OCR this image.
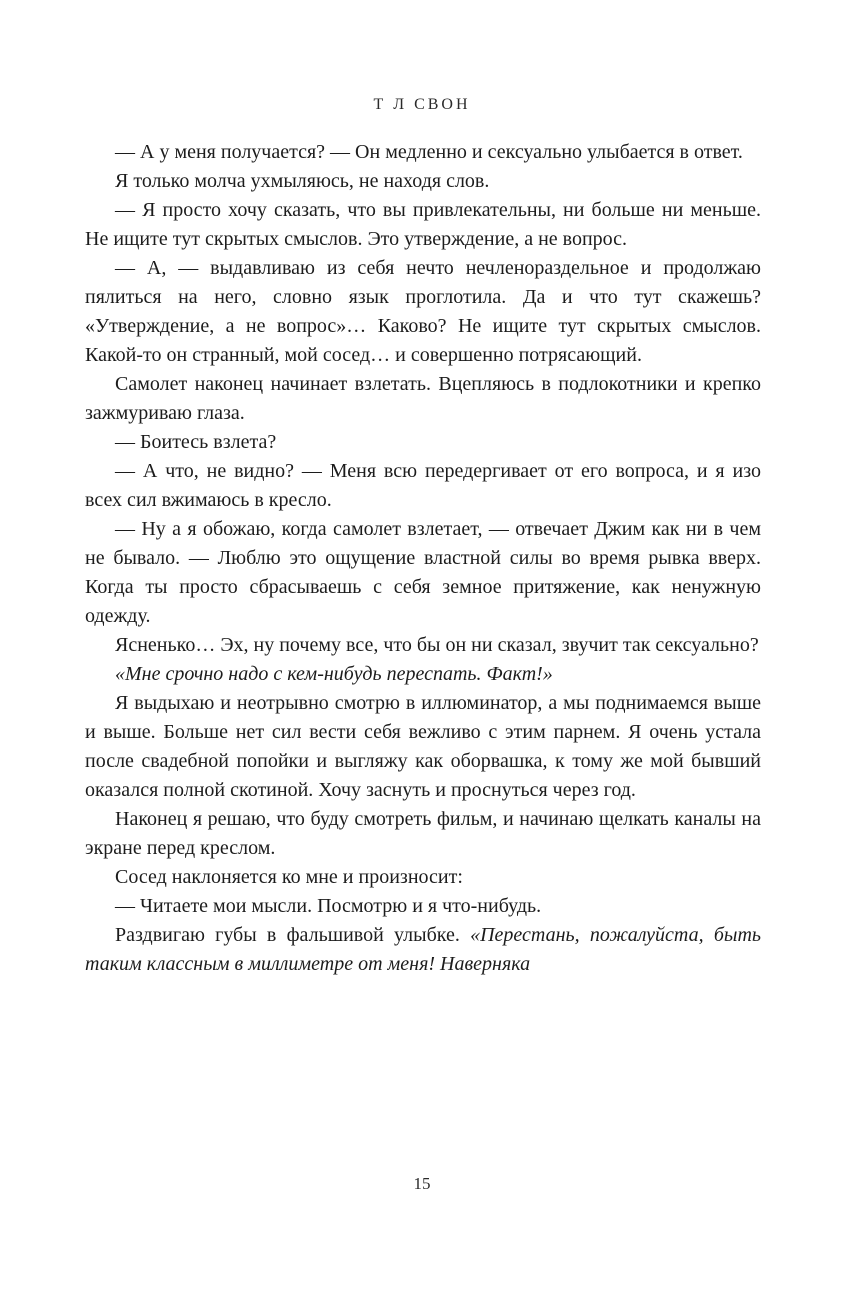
Т Л СВОН

— А у меня получается? — Он медленно и сексуально улыбается в ответ.

Я только молча ухмыляюсь, не находя слов.

— Я просто хочу сказать, что вы привлекательны, ни больше ни меньше. Не ищите тут скрытых смыслов. Это утверждение, а не вопрос.

— А, — выдавливаю из себя нечто нечленораздельное и продолжаю пялиться на него, словно язык проглотила. Да и что тут скажешь? «Утверждение, а не вопрос»… Каково? Не ищите тут скрытых смыслов. Какой-то он странный, мой сосед… и совершенно потрясающий.

Самолет наконец начинает взлетать. Вцепляюсь в подлокотники и крепко зажмуриваю глаза.

— Боитесь взлета?

— А что, не видно? — Меня всю передергивает от его вопроса, и я изо всех сил вжимаюсь в кресло.

— Ну а я обожаю, когда самолет взлетает, — отвечает Джим как ни в чем не бывало. — Люблю это ощущение властной силы во время рывка вверх. Когда ты просто сбрасываешь с себя земное притяжение, как ненужную одежду.

Ясненько… Эх, ну почему все, что бы он ни сказал, звучит так сексуально?

«Мне срочно надо с кем-нибудь переспать. Факт!»

Я выдыхаю и неотрывно смотрю в иллюминатор, а мы поднимаемся выше и выше. Больше нет сил вести себя вежливо с этим парнем. Я очень устала после свадебной попойки и выгляжу как оборвашка, к тому же мой бывший оказался полной скотиной. Хочу заснуть и проснуться через год.

Наконец я решаю, что буду смотреть фильм, и начинаю щелкать каналы на экране перед креслом.

Сосед наклоняется ко мне и произносит:

— Читаете мои мысли. Посмотрю и я что-нибудь.

Раздвигаю губы в фальшивой улыбке. «Перестань, пожалуйста, быть таким классным в миллиметре от меня! Наверняка

15
